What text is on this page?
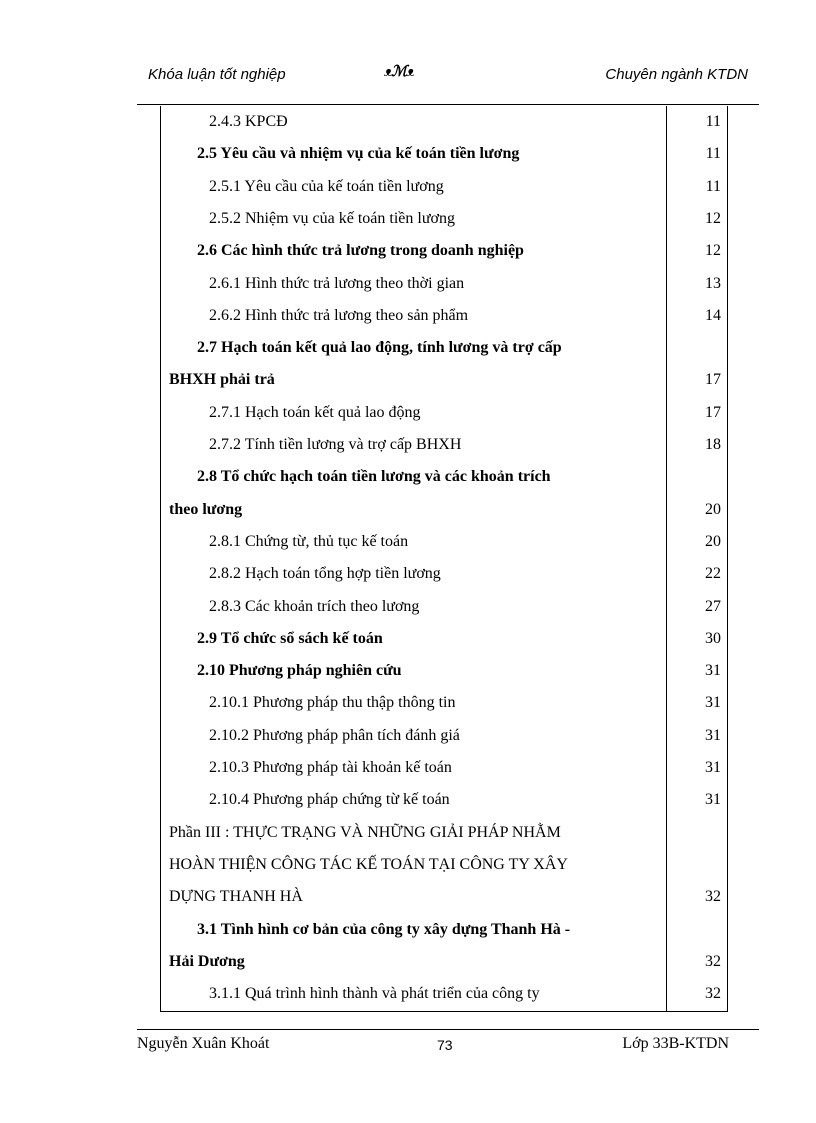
Khóa luận tốt nghiệp	ᴥℳᴥ	Chuyên ngành KTDN
2.4.3 KPCĐ	11
2.5 Yêu cầu và nhiệm vụ của kế toán tiền lương	11
2.5.1 Yêu cầu của kế toán tiền lương	11
2.5.2 Nhiệm vụ của kế toán tiền lương	12
2.6 Các hình thức trả lương trong doanh nghiệp	12
2.6.1 Hình thức trả lương theo thời gian	13
2.6.2 Hình thức trả lương theo sản phẩm	14
2.7 Hạch toán kết quả lao động, tính lương và trợ cấp
BHXH phải trả	17
2.7.1 Hạch toán kết quả lao động	17
2.7.2 Tính tiền lương và trợ cấp BHXH	18
2.8 Tổ chức hạch toán tiền lương và các khoản trích
theo lương	20
2.8.1 Chứng từ, thủ tục kế toán	20
2.8.2 Hạch toán tổng hợp tiền lương	22
2.8.3 Các khoản trích theo lương	27
2.9 Tổ chức sổ sách kế toán	30
2.10 Phương pháp nghiên cứu	31
2.10.1 Phương pháp thu thập thông tin	31
2.10.2 Phương pháp phân tích đánh giá	31
2.10.3 Phương pháp tài khoản kế toán	31
2.10.4 Phương pháp chứng từ kế toán	31
Phần III : THỰC TRẠNG VÀ NHỮNG GIẢI PHÁP NHẰM
HOÀN THIỆN CÔNG TÁC KẾ TOÁN TẠI CÔNG TY XÂY
DỰNG THANH HÀ	32
3.1 Tình hình cơ bản của công ty xây dựng Thanh Hà -
Hải Dương	32
3.1.1 Quá trình hình thành và phát triển của công ty	32
Nguyễn Xuân Khoát	73	Lớp 33B-KTDN
